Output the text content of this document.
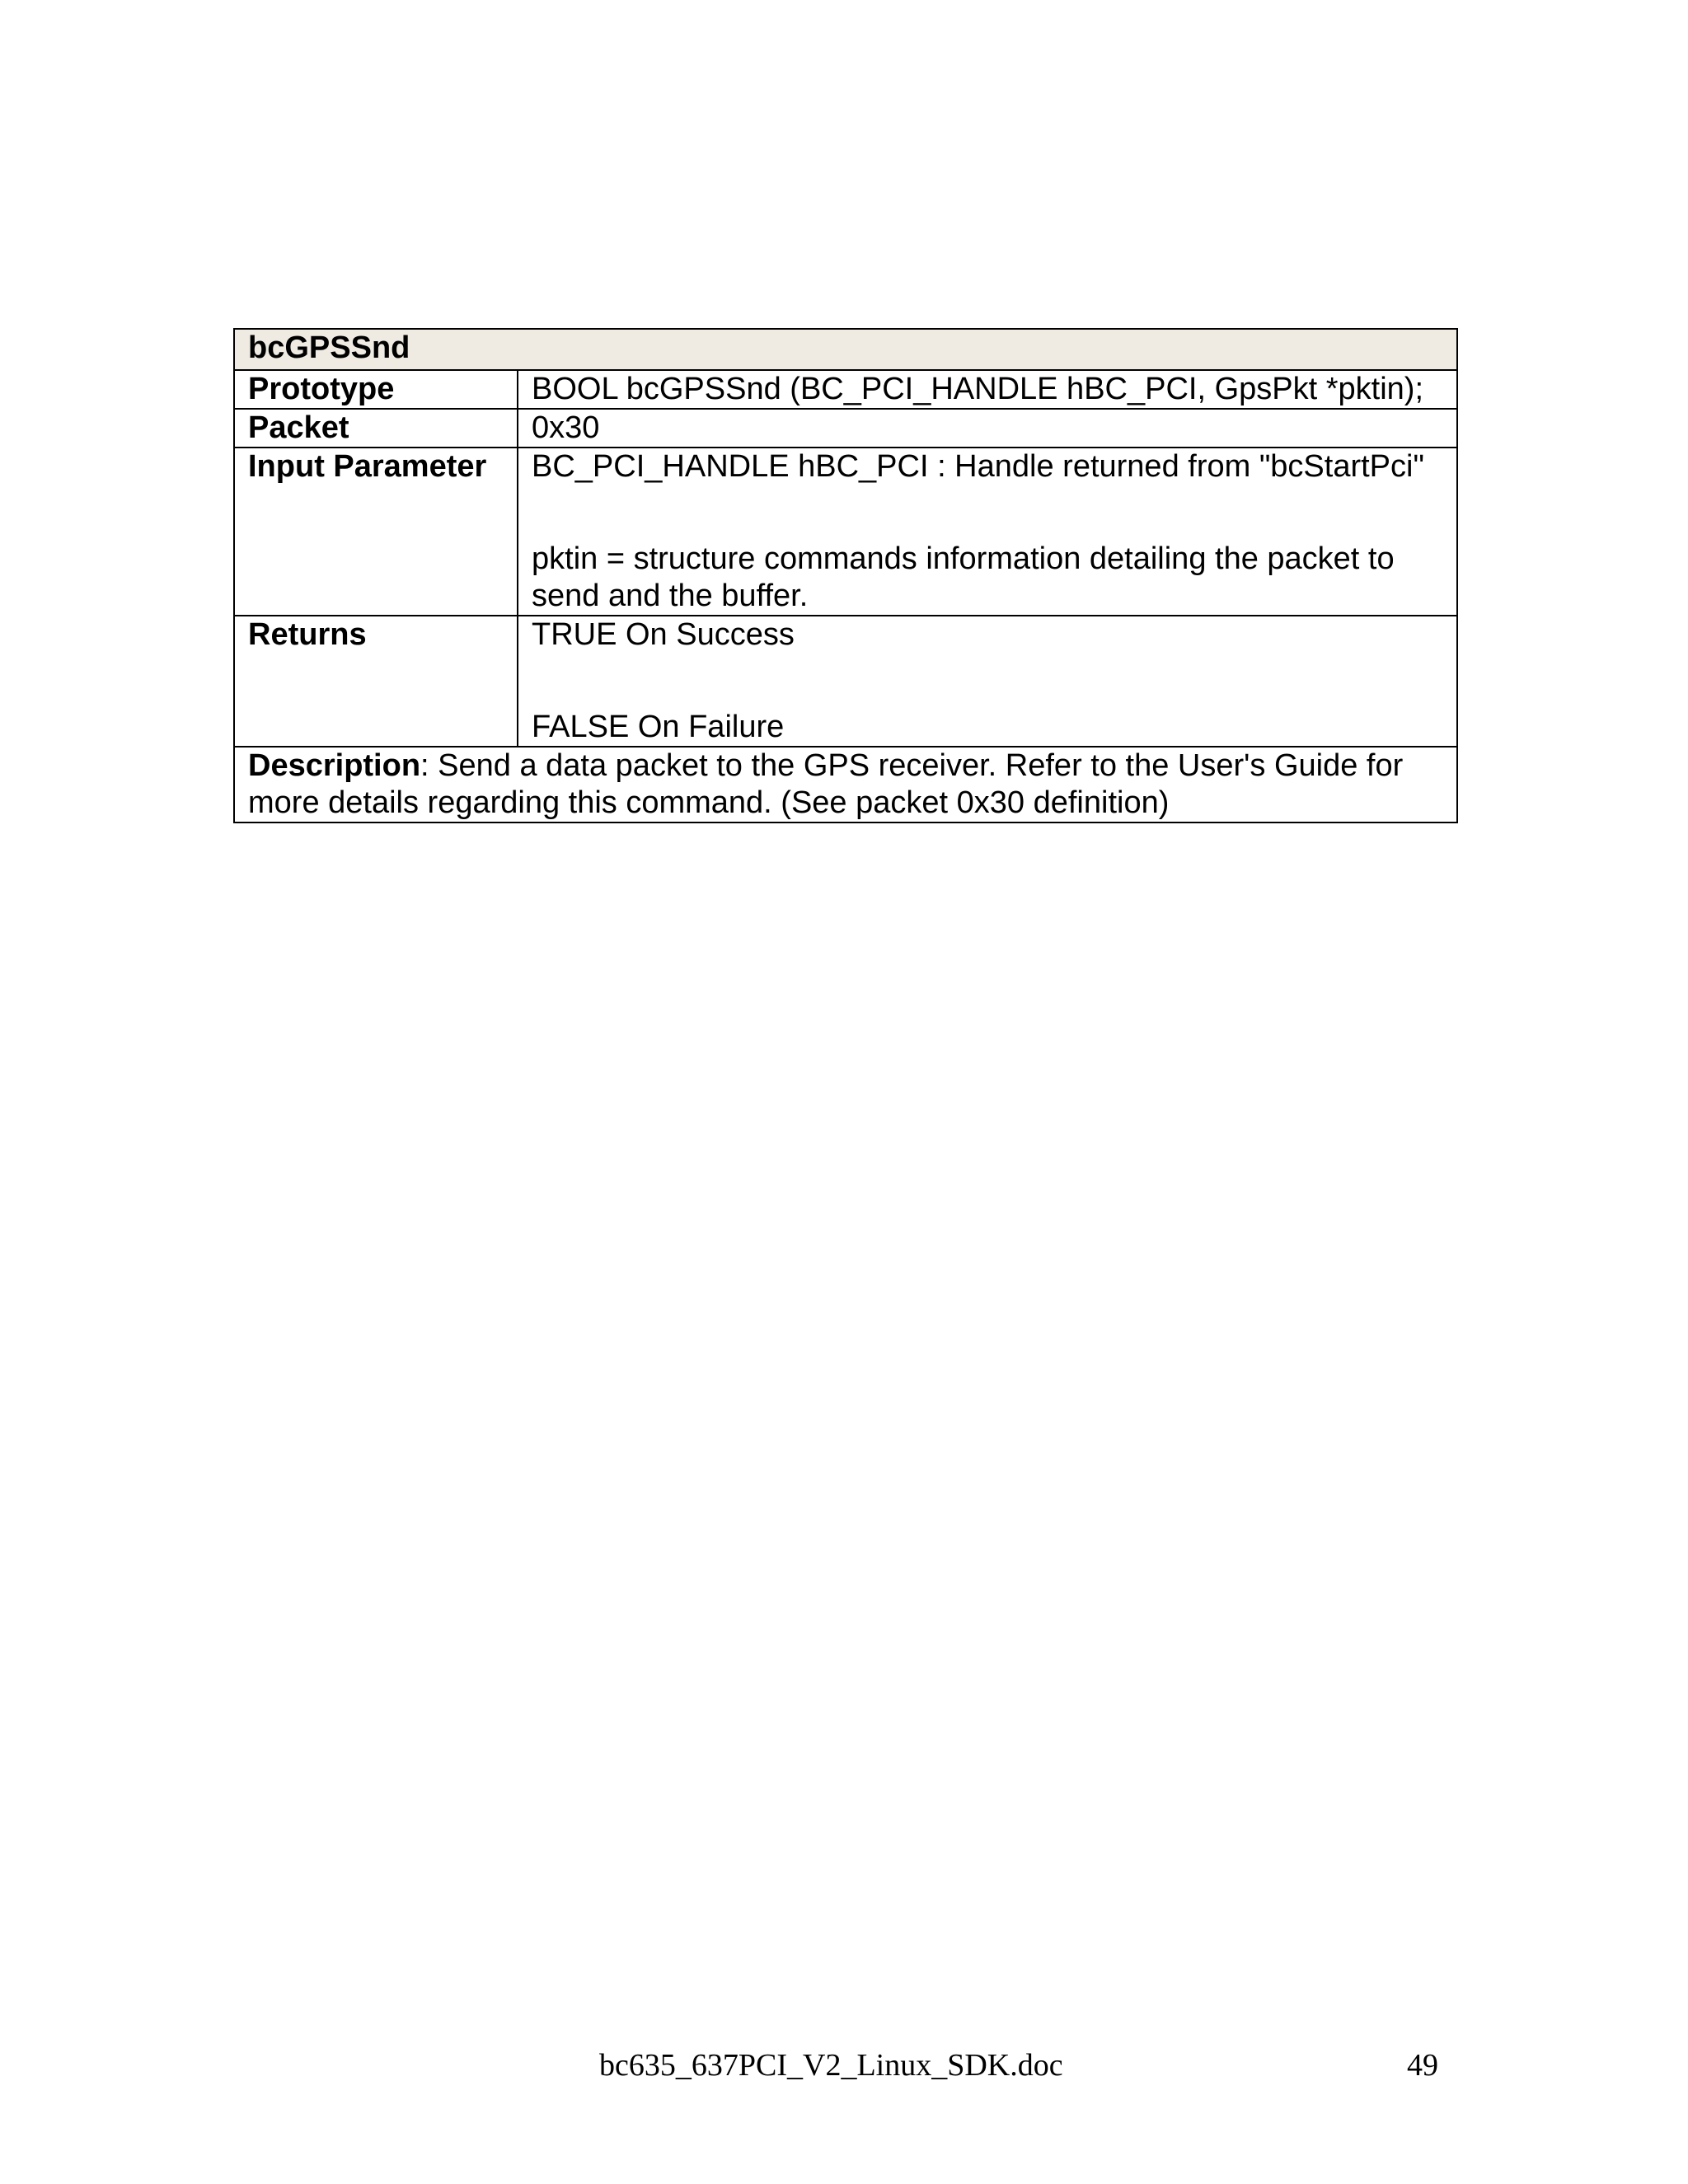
bcGPSSnd	
Prototype	BOOL bcGPSSnd (BC_PCI_HANDLE hBC_PCI, GpsPkt *pktin);
Packet	0x30
Input Parameter	BC_PCI_HANDLE hBC_PCI : Handle returned from "bcStartPci"
pktin = structure commands information detailing the packet to send and the buffer.

Returns	TRUE On Success
FALSE On Failure

Description: Send a data packet to the GPS receiver. Refer to the User's Guide for more details regarding this command. (See packet 0x30 definition)	
bc635_637PCI_V2_Linux_SDK.doc	49
